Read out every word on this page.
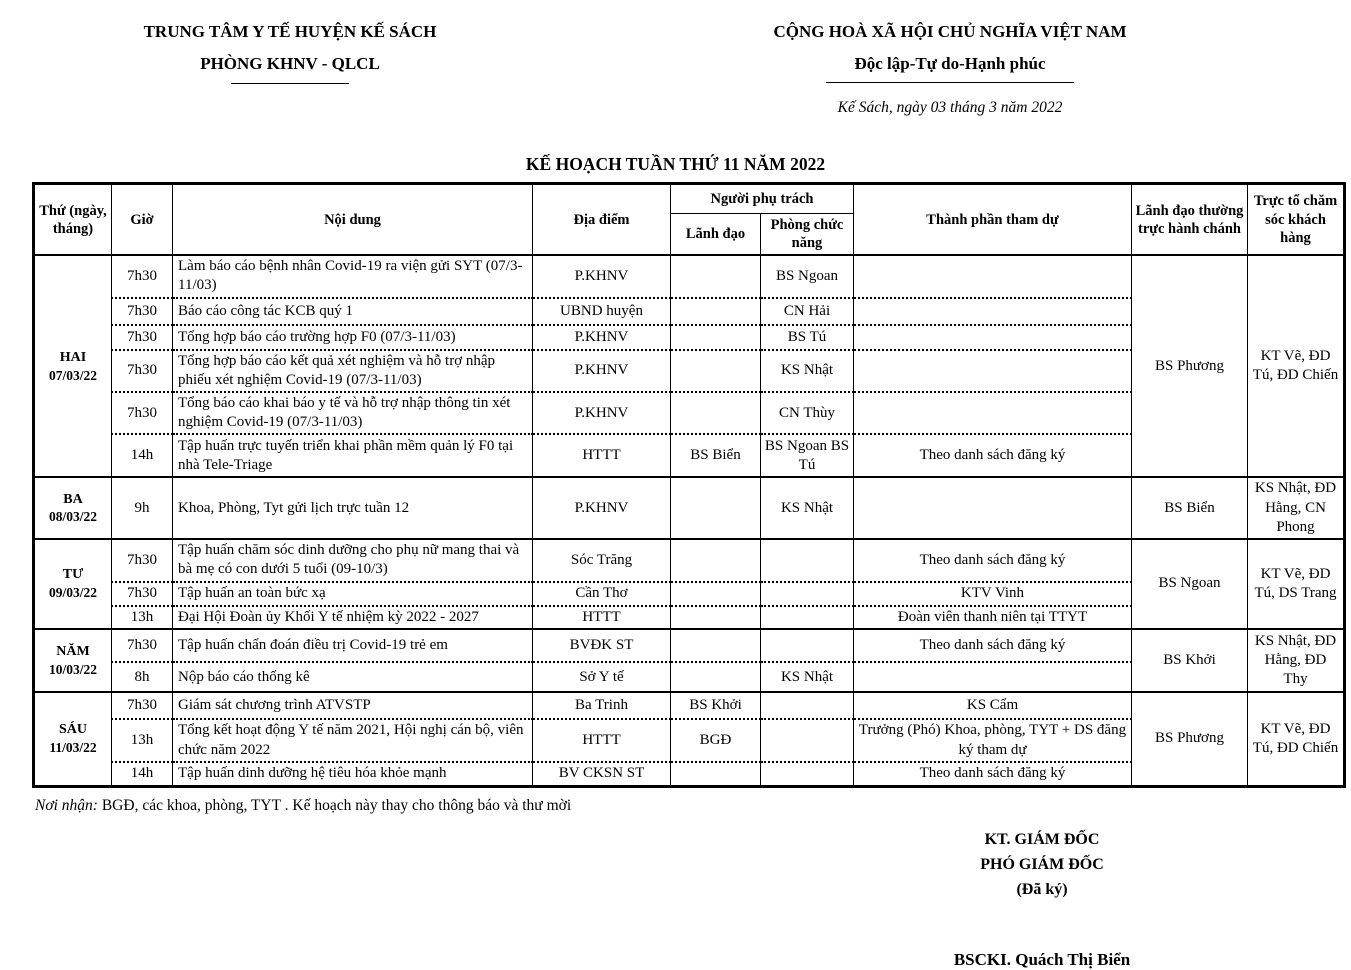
TRUNG TÂM Y TẾ HUYỆN KẾ SÁCH
PHÒNG KHNV - QLCL
CỘNG HOÀ XÃ HỘI CHỦ NGHĨA VIỆT NAM
Độc lập-Tự do-Hạnh phúc
Kế Sách, ngày 03 tháng 3 năm 2022
KẾ HOẠCH TUẦN THỨ 11 NĂM 2022
Thứ (ngày, tháng)	Giờ	Nội dung	Địa điểm	Người phụ trách		Thành phần tham dự	Lãnh đạo thường trực hành chánh	Trực tổ chăm sóc khách hàng
				Lãnh đạo	Phòng chức năng			

HAI
07/03/22	7h30	Làm báo cáo bệnh nhân Covid-19 ra viện gửi SYT (07/3-11/03)	P.KHNV		BS Ngoan		BS Phương	KT Vẽ, ĐD Tú, ĐD Chiến
	7h30	Báo cáo công tác KCB quý 1	UBND huyện		CN Hải			
	7h30	Tổng hợp báo cáo trường hợp F0 (07/3-11/03)	P.KHNV		BS Tú			
	7h30	Tổng hợp báo cáo kết quả xét nghiệm và hỗ trợ nhập phiếu xét nghiệm Covid-19 (07/3-11/03)	P.KHNV		KS Nhật			
	7h30	Tổng báo cáo khai báo y tế và hỗ trợ nhập thông tin xét nghiệm Covid-19 (07/3-11/03)	P.KHNV		CN Thùy			
	14h	Tập huấn trực tuyến triển khai phần mềm quản lý F0 tại nhà Tele-Triage	HTTT	BS Biển	BS Ngoan BS Tú	Theo danh sách đăng ký		

BA
08/03/22	9h	Khoa, Phòng, Tyt gửi lịch trực tuần 12	P.KHNV		KS Nhật		BS Biển	KS Nhật, ĐD Hằng, CN Phong

TƯ
09/03/22	7h30	Tập huấn chăm sóc dinh dưỡng cho phụ nữ mang thai và bà mẹ có con dưới 5 tuổi (09-10/3)	Sóc Trăng			Theo danh sách đăng ký	BS Ngoan	KT Vẽ, ĐD Tú, DS Trang
	7h30	Tập huấn an toàn bức xạ	Cần Thơ			KTV Vinh		
	13h	Đại Hội Đoàn ủy Khối Y tế nhiệm kỳ 2022 - 2027	HTTT			Đoàn viên thanh niên tại TTYT		

NĂM
10/03/22	7h30	Tập huấn chẩn đoán điều trị Covid-19 trẻ em	BVĐK ST			Theo danh sách đăng ký	BS Khởi	KS Nhật, ĐD Hằng, ĐD Thy
	8h	Nộp báo cáo thống kê	Sở Y tế		KS Nhật			

SÁU
11/03/22	7h30	Giám sát chương trình ATVSTP	Ba Trinh	BS Khởi		KS Cẩm	BS Phương	KT Vẽ, ĐD Tú, ĐD Chiến
	13h	Tổng kết hoạt động Y tế năm 2021, Hội nghị cán bộ, viên chức năm 2022	HTTT	BGĐ		Trưởng (Phó) Khoa, phòng, TYT + DS đăng ký tham dự		
	14h	Tập huấn dinh dưỡng hệ tiêu hóa khỏe mạnh	BV CKSN ST			Theo danh sách đăng ký		
Nơi nhận: BGĐ, các khoa, phòng, TYT . Kế hoạch này thay cho thông báo và thư mời
KT. GIÁM ĐỐC
PHÓ GIÁM ĐỐC
(Đã ký)
BSCKI. Quách Thị Biển
